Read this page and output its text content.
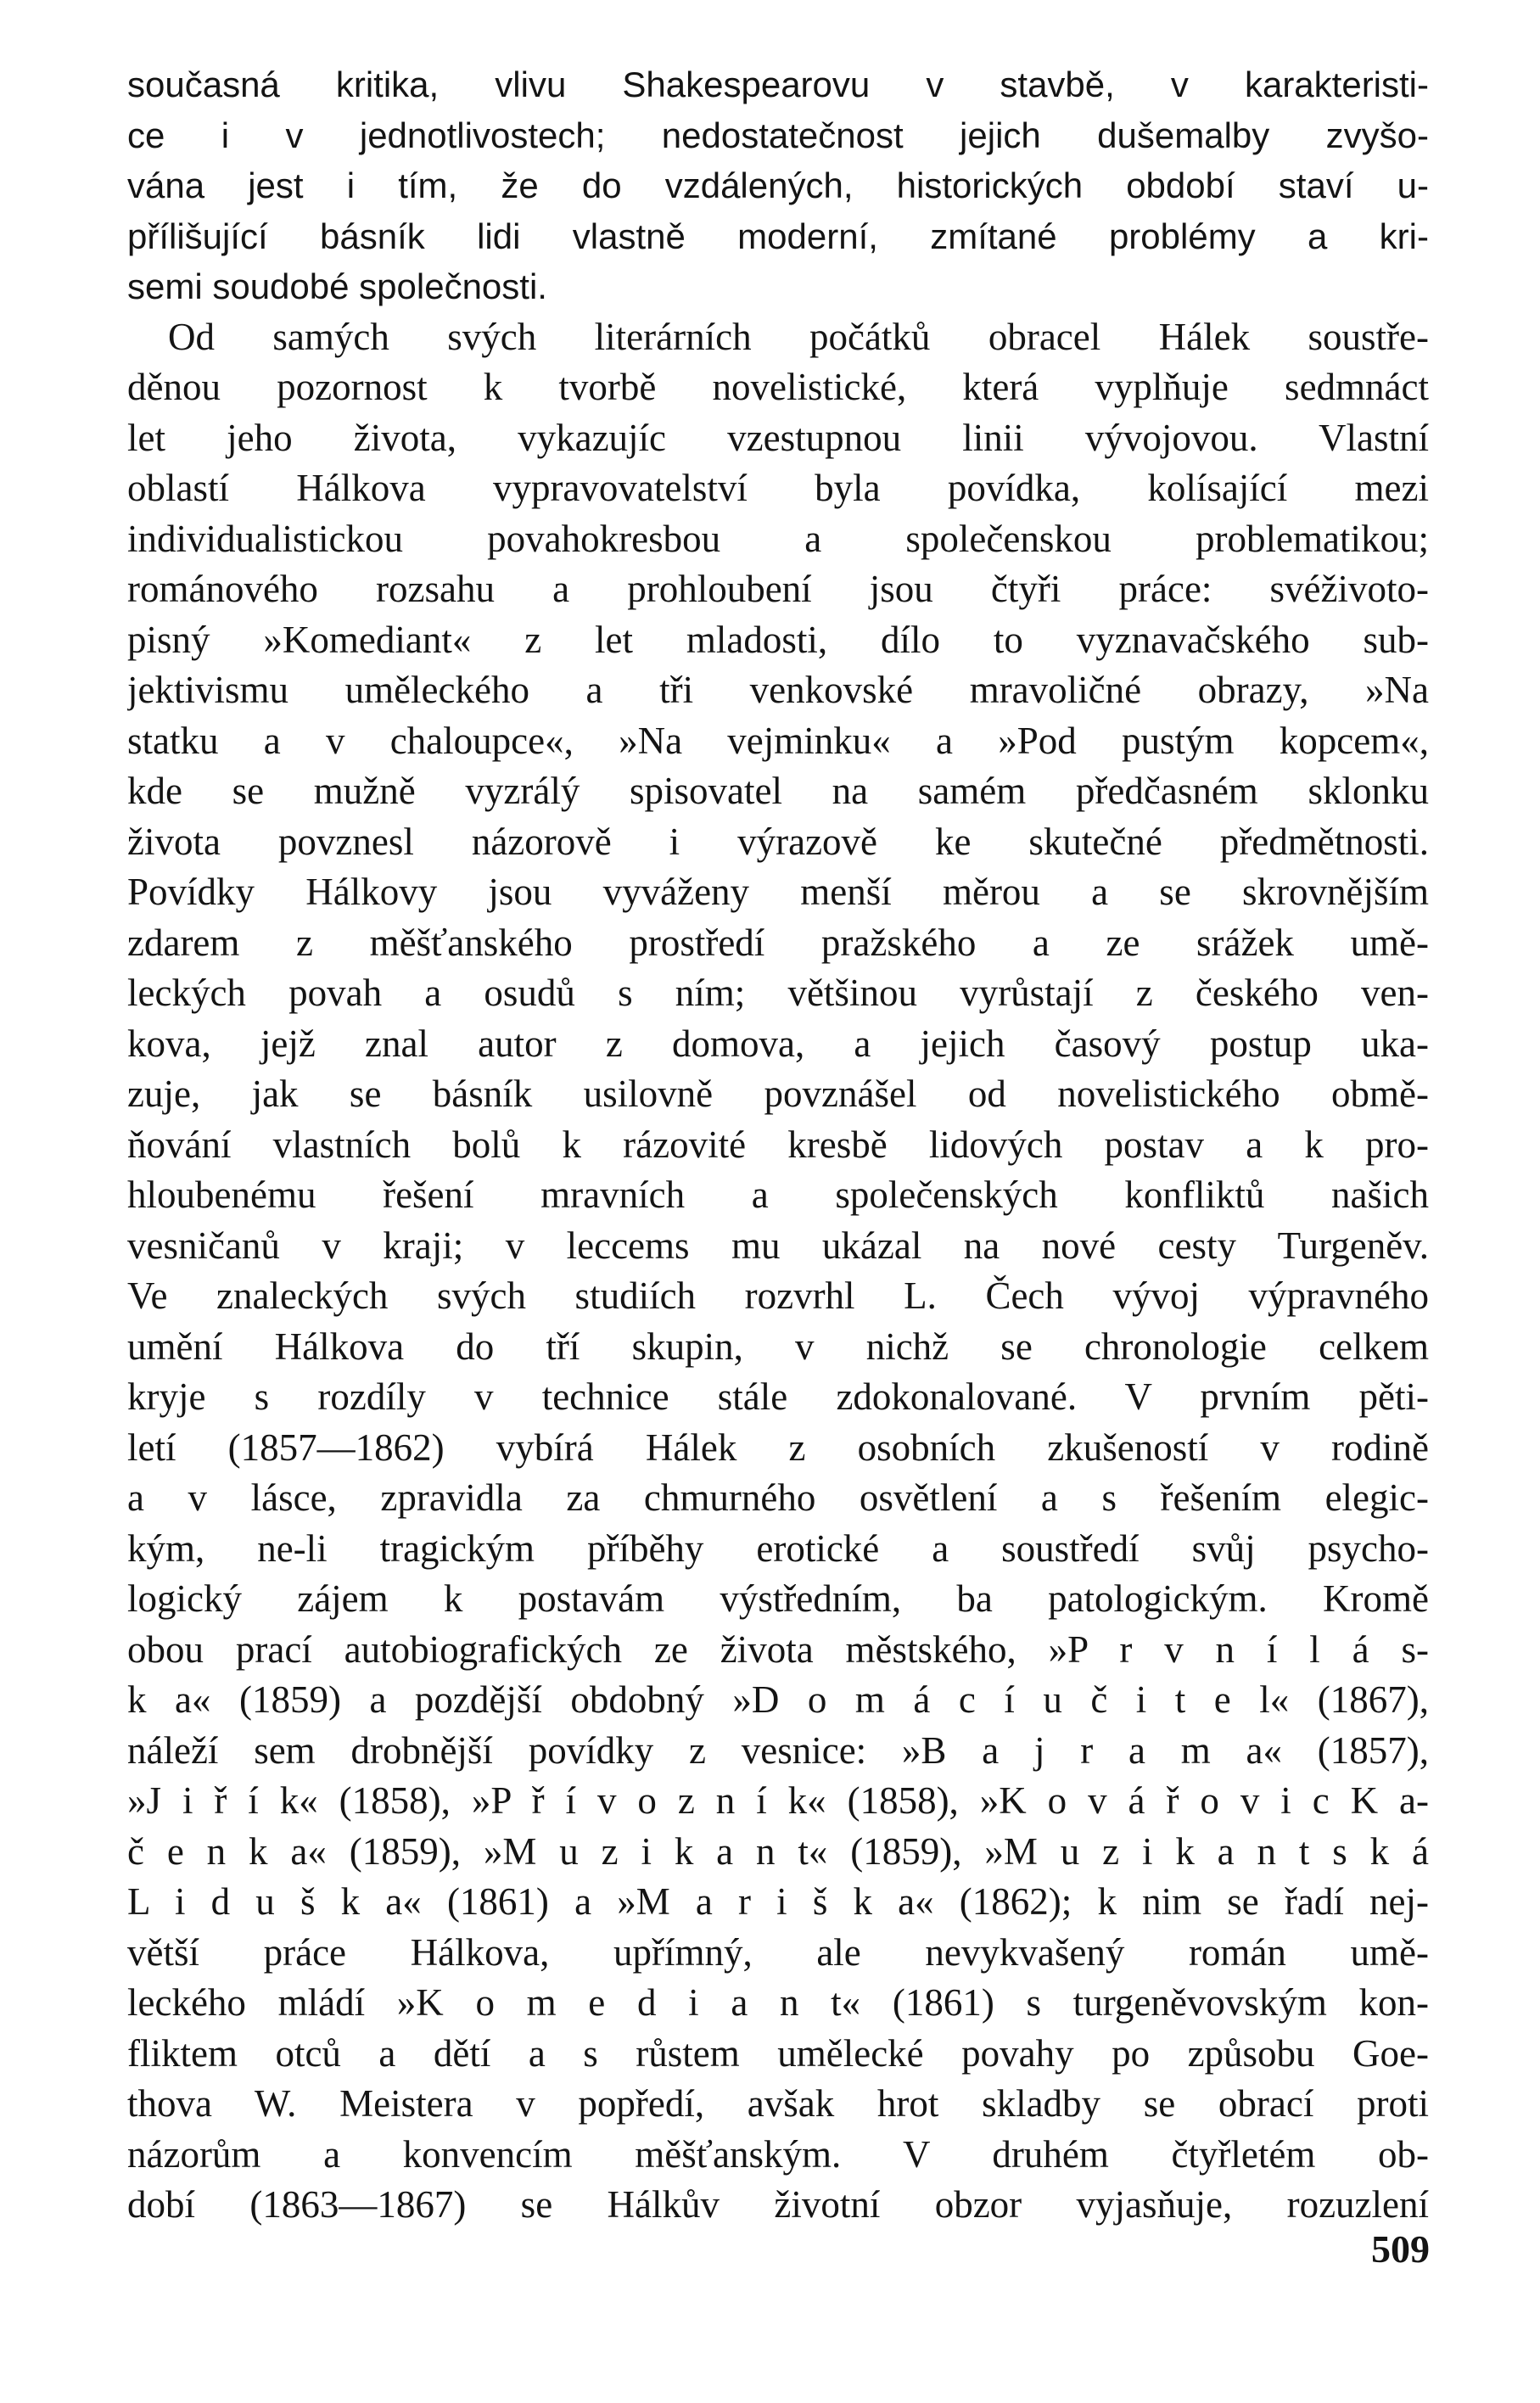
současná kritika, vlivu Shakespearovu v stavbě, v karakteristi-
ce i v jednotlivostech; nedostatečnost jejich dušemalby zvyšo-
vána jest i tím, že do vzdálených, historických období staví u-
přílišující básník lidi vlastně moderní, zmítané problémy a kri-
semi soudobé společnosti.
Od samých svých literárních počátků obracel Hálek soustře-
děnou pozornost k tvorbě novelistické, která vyplňuje sedmnáct
let jeho života, vykazujíc vzestupnou linii vývojovou. Vlastní
oblastí Hálkova vypravovatelství byla povídka, kolísající mezi
individualistickou povahokresbou a společenskou problematikou;
románového rozsahu a prohloubení jsou čtyři práce: svéživoto-
pisný »Komediant« z let mladosti, dílo to vyznavačského sub-
jektivismu uměleckého a tři venkovské mravoličné obrazy, »Na
statku a v chaloupce«, »Na vejminku« a »Pod pustým kopcem«,
kde se mužně vyzrálý spisovatel na samém předčasném sklonku
života povznesl názorově i výrazově ke skutečné předmětnosti.
Povídky Hálkovy jsou vyváženy menší měrou a se skrovnějším
zdarem z měšťanského prostředí pražského a ze srážek umě-
leckých povah a osudů s ním; většinou vyrůstají z českého ven-
kova, jejž znal autor z domova, a jejich časový postup uka-
zuje, jak se básník usilovně povznášel od novelistického obmě-
ňování vlastních bolů k rázovité kresbě lidových postav a k pro-
hloubenému řešení mravních a společenských konfliktů našich
vesničanů v kraji; v leccems mu ukázal na nové cesty Turgeněv.
Ve znaleckých svých studiích rozvrhl L. Čech vývoj výpravného
umění Hálkova do tří skupin, v nichž se chronologie celkem
kryje s rozdíly v technice stále zdokonalované. V prvním pěti-
letí (1857—1862) vybírá Hálek z osobních zkušeností v rodině
a v lásce, zpravidla za chmurného osvětlení a s řešením elegic-
kým, ne-li tragickým příběhy erotické a soustředí svůj psycho-
logický zájem k postavám výstředním, ba patologickým. Kromě
obou prací autobiografických ze života městského, »P r v n í l á s-
k a« (1859) a pozdější obdobný »D o m á c í u č i t e l« (1867),
náleží sem drobnější povídky z vesnice: »B a j r a m a« (1857),
»J i ř í k« (1858), »P ř í v o z n í k« (1858), »K o v á ř o v i c K a-
č e n k a« (1859), »M u z i k a n t« (1859), »M u z i k a n t s k á
L i d u š k a« (1861) a »M a r i š k a« (1862); k nim se řadí nej-
větší práce Hálkova, upřímný, ale nevykvašený román umě-
leckého mládí »K o m e d i a n t« (1861) s turgeněvovským kon-
fliktem otců a dětí a s růstem umělecké povahy po způsobu Goe-
thova W. Meistera v popředí, avšak hrot skladby se obrací proti
názorům a konvencím měšťanským. V druhém čtyřletém ob-
dobí (1863—1867) se Hálkův životní obzor vyjasňuje, rozuzlení
509
